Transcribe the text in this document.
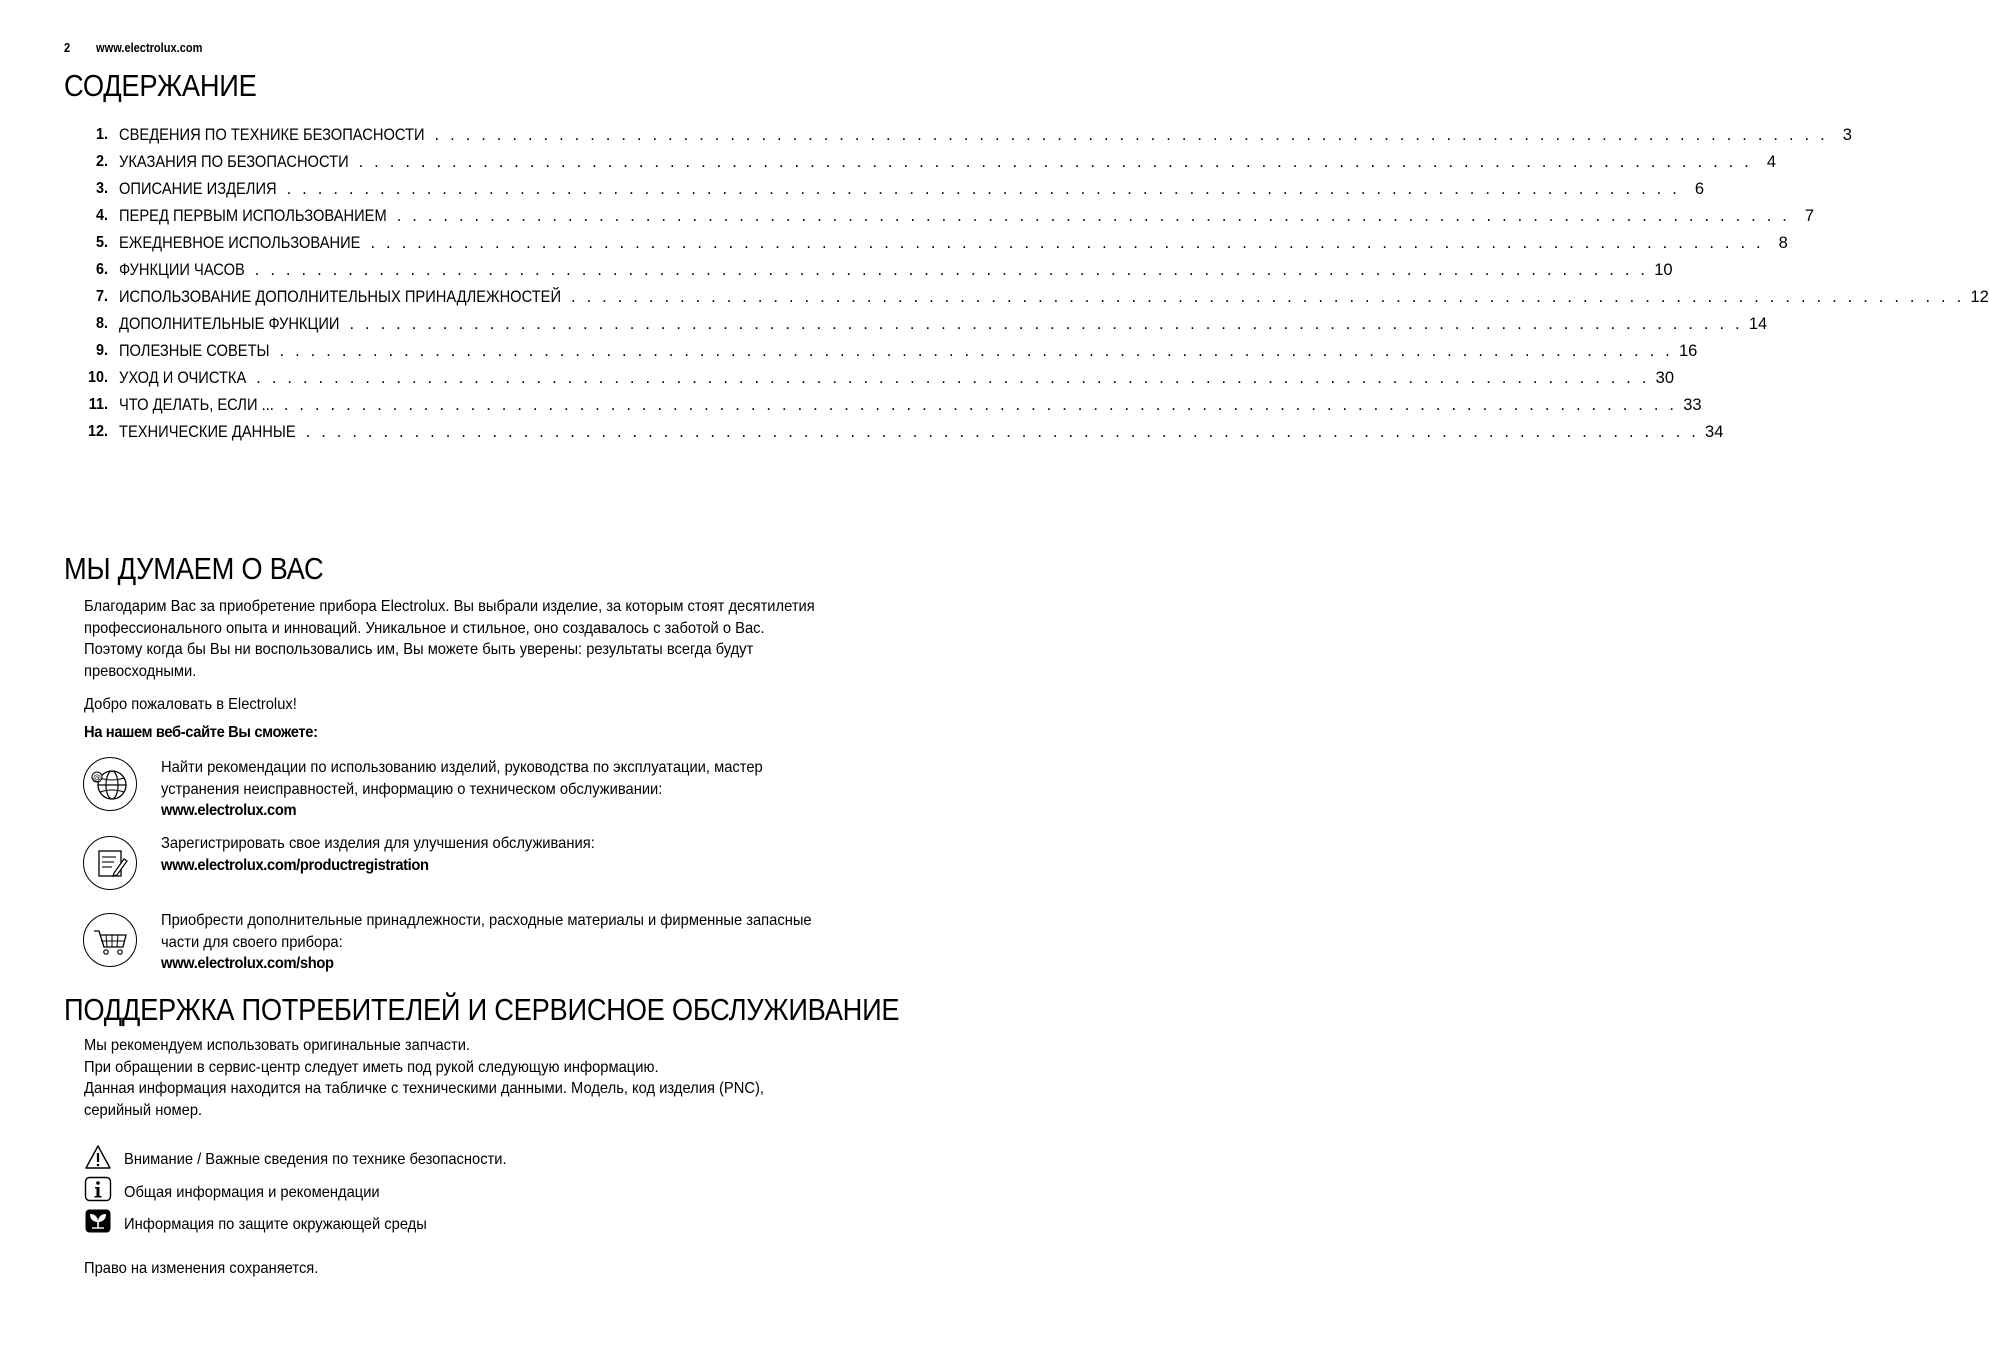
2 www.electrolux.com
СОДЕРЖАНИЕ
1. СВЕДЕНИЯ ПО ТЕХНИКЕ БЕЗОПАСНОСТИ . . . . . . . . . . . . . . . . . . . . . . . . . . . . . . . . . . . . . . . . . . . . . . . . . . . . . . . . . . . . . . . . . . . . . . . . . . . . . . . . . . . . . . . . . . 3
2. УКАЗАНИЯ ПО БЕЗОПАСНОСТИ . . . . . . . . . . . . . . . . . . . . . . . . . . . . . . . . . . . . . . . . . . . . . . . . . . . . . . . . . . . . . . . . . . . . . . . . . . . . . . . . . . . . . . . . . . 4
3. ОПИСАНИЕ ИЗДЕЛИЯ . . . . . . . . . . . . . . . . . . . . . . . . . . . . . . . . . . . . . . . . . . . . . . . . . . . . . . . . . . . . . . . . . . . . . . . . . . . . . . . . . . . . . . . . . . 6
4. ПЕРЕД ПЕРВЫМ ИСПОЛЬЗОВАНИЕМ . . . . . . . . . . . . . . . . . . . . . . . . . . . . . . . . . . . . . . . . . . . . . . . . . . . . . . . . . . . . . . . . . . . . . . . . . . . . . . . . . . . . . . . . . . 7
5. ЕЖЕДНЕВНОЕ ИСПОЛЬЗОВАНИЕ . . . . . . . . . . . . . . . . . . . . . . . . . . . . . . . . . . . . . . . . . . . . . . . . . . . . . . . . . . . . . . . . . . . . . . . . . . . . . . . . . . . . . . . . . . 8
6. ФУНКЦИИ ЧАСОВ . . . . . . . . . . . . . . . . . . . . . . . . . . . . . . . . . . . . . . . . . . . . . . . . . . . . . . . . . . . . . . . . . . . . . . . . . . . . . . . . . . . . . . . . . . 10
7. ИСПОЛЬЗОВАНИЕ ДОПОЛНИТЕЛЬНЫХ ПРИНАДЛЕЖНОСТЕЙ . . . . . . . . . . . . . . . . . . . . . . . . . . . . . . . . . . . . . . . . . . . . . . . . . . . . . . . . . . . . . . . . . . . . . . . . . . . . . . . . . . . . . . . . . . 12
8. ДОПОЛНИТЕЛЬНЫЕ ФУНКЦИИ . . . . . . . . . . . . . . . . . . . . . . . . . . . . . . . . . . . . . . . . . . . . . . . . . . . . . . . . . . . . . . . . . . . . . . . . . . . . . . . . . . . . . . . . . . 14
9. ПОЛЕЗНЫЕ СОВЕТЫ . . . . . . . . . . . . . . . . . . . . . . . . . . . . . . . . . . . . . . . . . . . . . . . . . . . . . . . . . . . . . . . . . . . . . . . . . . . . . . . . . . . . . . . . . . 16
10. УХОД И ОЧИСТКА . . . . . . . . . . . . . . . . . . . . . . . . . . . . . . . . . . . . . . . . . . . . . . . . . . . . . . . . . . . . . . . . . . . . . . . . . . . . . . . . . . . . . . . . . . 30
11. ЧТО ДЕЛАТЬ, ЕСЛИ ... . . . . . . . . . . . . . . . . . . . . . . . . . . . . . . . . . . . . . . . . . . . . . . . . . . . . . . . . . . . . . . . . . . . . . . . . . . . . . . . . . . . . . . . . . . 33
12. ТЕХНИЧЕСКИЕ ДАННЫЕ . . . . . . . . . . . . . . . . . . . . . . . . . . . . . . . . . . . . . . . . . . . . . . . . . . . . . . . . . . . . . . . . . . . . . . . . . . . . . . . . . . . . . . . . . . 34
МЫ ДУМАЕМ О ВАС
Благодарим Вас за приобретение прибора Electrolux. Вы выбрали изделие, за которым стоят десятилетия
профессионального опыта и инноваций. Уникальное и стильное, оно создавалось с заботой о Вас.
Поэтому когда бы Вы ни воспользовались им, Вы можете быть уверены: результаты всегда будут
превосходными.
Добро пожаловать в Electrolux!
На нашем веб-сайте Вы сможете:
@
Найти рекомендации по использованию изделий, руководства по эксплуатации, мастер
устранения неисправностей, информацию о техническом обслуживании:
www.electrolux.com
Зарегистрировать свое изделия для улучшения обслуживания:
www.electrolux.com/productregistration
Приобрести дополнительные принадлежности, расходные материалы и фирменные запасные
части для своего прибора:
www.electrolux.com/shop
ПОДДЕРЖКА ПОТРЕБИТЕЛЕЙ И СЕРВИСНОЕ ОБСЛУЖИВАНИЕ
Мы рекомендуем использовать оригинальные запчасти.
При обращении в сервис-центр следует иметь под рукой следующую информацию.
Данная информация находится на табличке с техническими данными. Модель, код изделия (PNC),
серийный номер.
Внимание / Важные сведения по технике безопасности.
Общая информация и рекомендации
Информация по защите окружающей среды
Право на изменения сохраняется.
